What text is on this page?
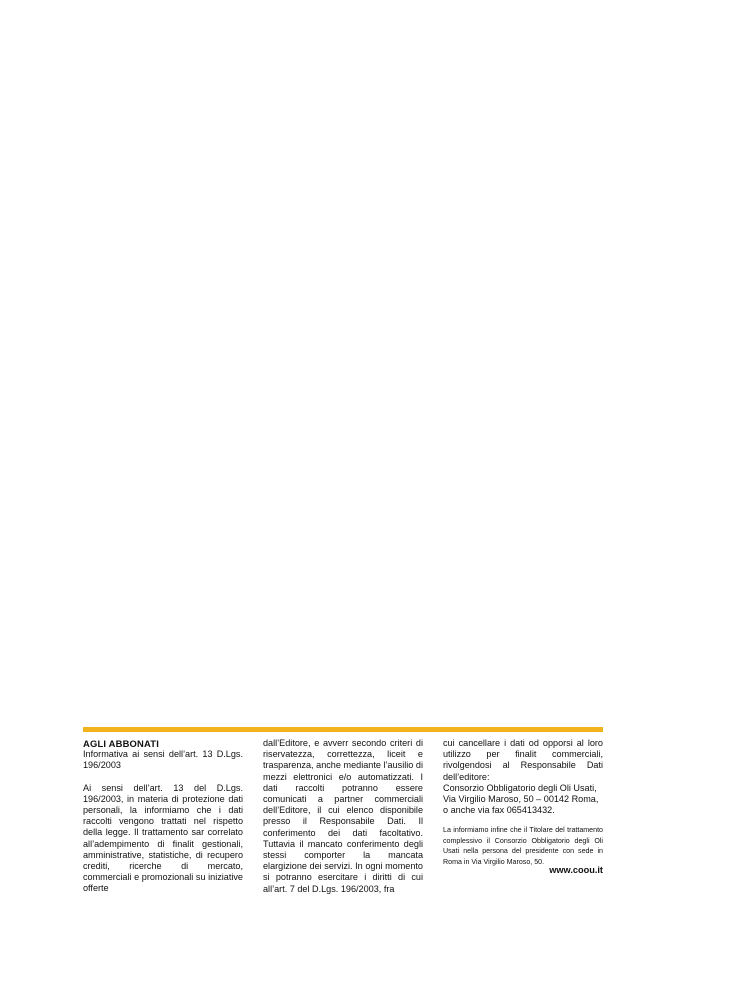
AGLI ABBONATI

Informativa ai sensi dell’art. 13 D.Lgs. 196/2003

Ai sensi dell’art. 13 del D.Lgs. 196/2003, in materia di protezione dati personali, la informiamo che i dati raccolti vengono trattati nel rispetto della legge. Il trattamento sar correlato all’adempimento di finalit gestionali, amministrative, statistiche, di recupero crediti, ricerche di mercato, commerciali e promozionali su iniziative offerte

dall’Editore, e avverr secondo criteri di riservatezza, correttezza, liceit e trasparenza, anche mediante l’ausilio di mezzi elettronici e/o automatizzati. I dati raccolti potranno essere comunicati a partner commerciali dell’Editore, il cui elenco disponibile presso il Responsabile Dati. Il conferimento dei dati facoltativo. Tuttavia il mancato conferimento degli stessi comporter la mancata elargizione dei servizi. In ogni momento si potranno esercitare i diritti di cui all’art. 7 del D.Lgs. 196/2003, fra

cui cancellare i dati od opporsi al loro utilizzo per finalit commerciali, rivolgendosi al Responsabile Dati dell’editore:

Consorzio Obbligatorio degli Oli Usati,

Via Virgilio Maroso, 50 – 00142 Roma,

o anche via fax 065413432.

La informiamo infine che il Titolare del trattamento complessivo il Consorzio Obbligatorio degli Oli Usati nella persona del presidente con sede in Roma in Via Virgilio Maroso, 50.

www.coou.it
